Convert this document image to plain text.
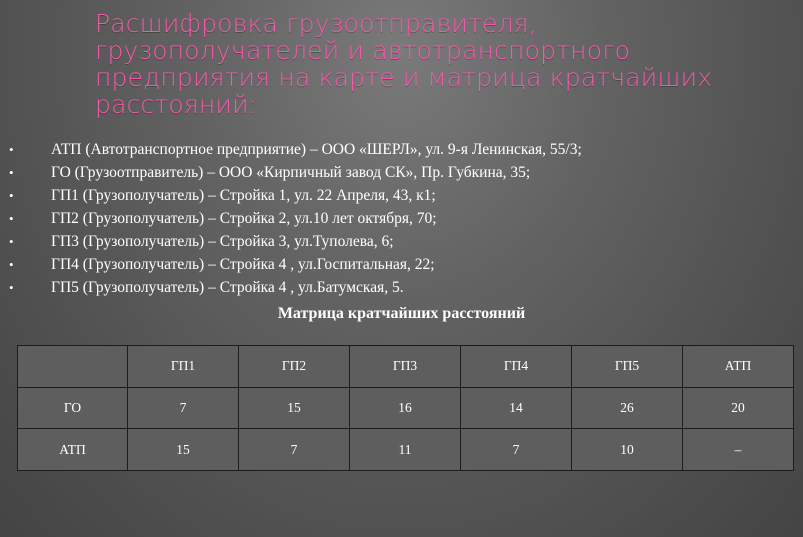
Расшифровка грузоотправителя,
грузополучателей и автотранспортного
предприятия на карте и матрица кратчайших
расстояний:
•	АТП (Автотранспортное предприятие) – ООО «ШЕРЛ», ул. 9-я Ленинская, 55/3;
•	ГО (Грузоотправитель) – ООО «Кирпичный завод СК», Пр. Губкина, 35;
•	ГП1 (Грузополучатель) – Стройка 1, ул. 22 Апреля, 43, к1;
•	ГП2 (Грузополучатель) – Стройка 2, ул.10 лет октября, 70;
•	ГП3 (Грузополучатель) – Стройка 3, ул.Туполева, 6;
•	ГП4 (Грузополучатель) – Стройка 4 , ул.Госпитальная, 22;
•	ГП5 (Грузополучатель) – Стройка 4 , ул.Батумская, 5.
Матрица кратчайших расстояний
	ГП1	ГП2	ГП3	ГП4	ГП5	АТП
ГО	7	15	16	14	26	20
АТП	15	7	11	7	10	–
